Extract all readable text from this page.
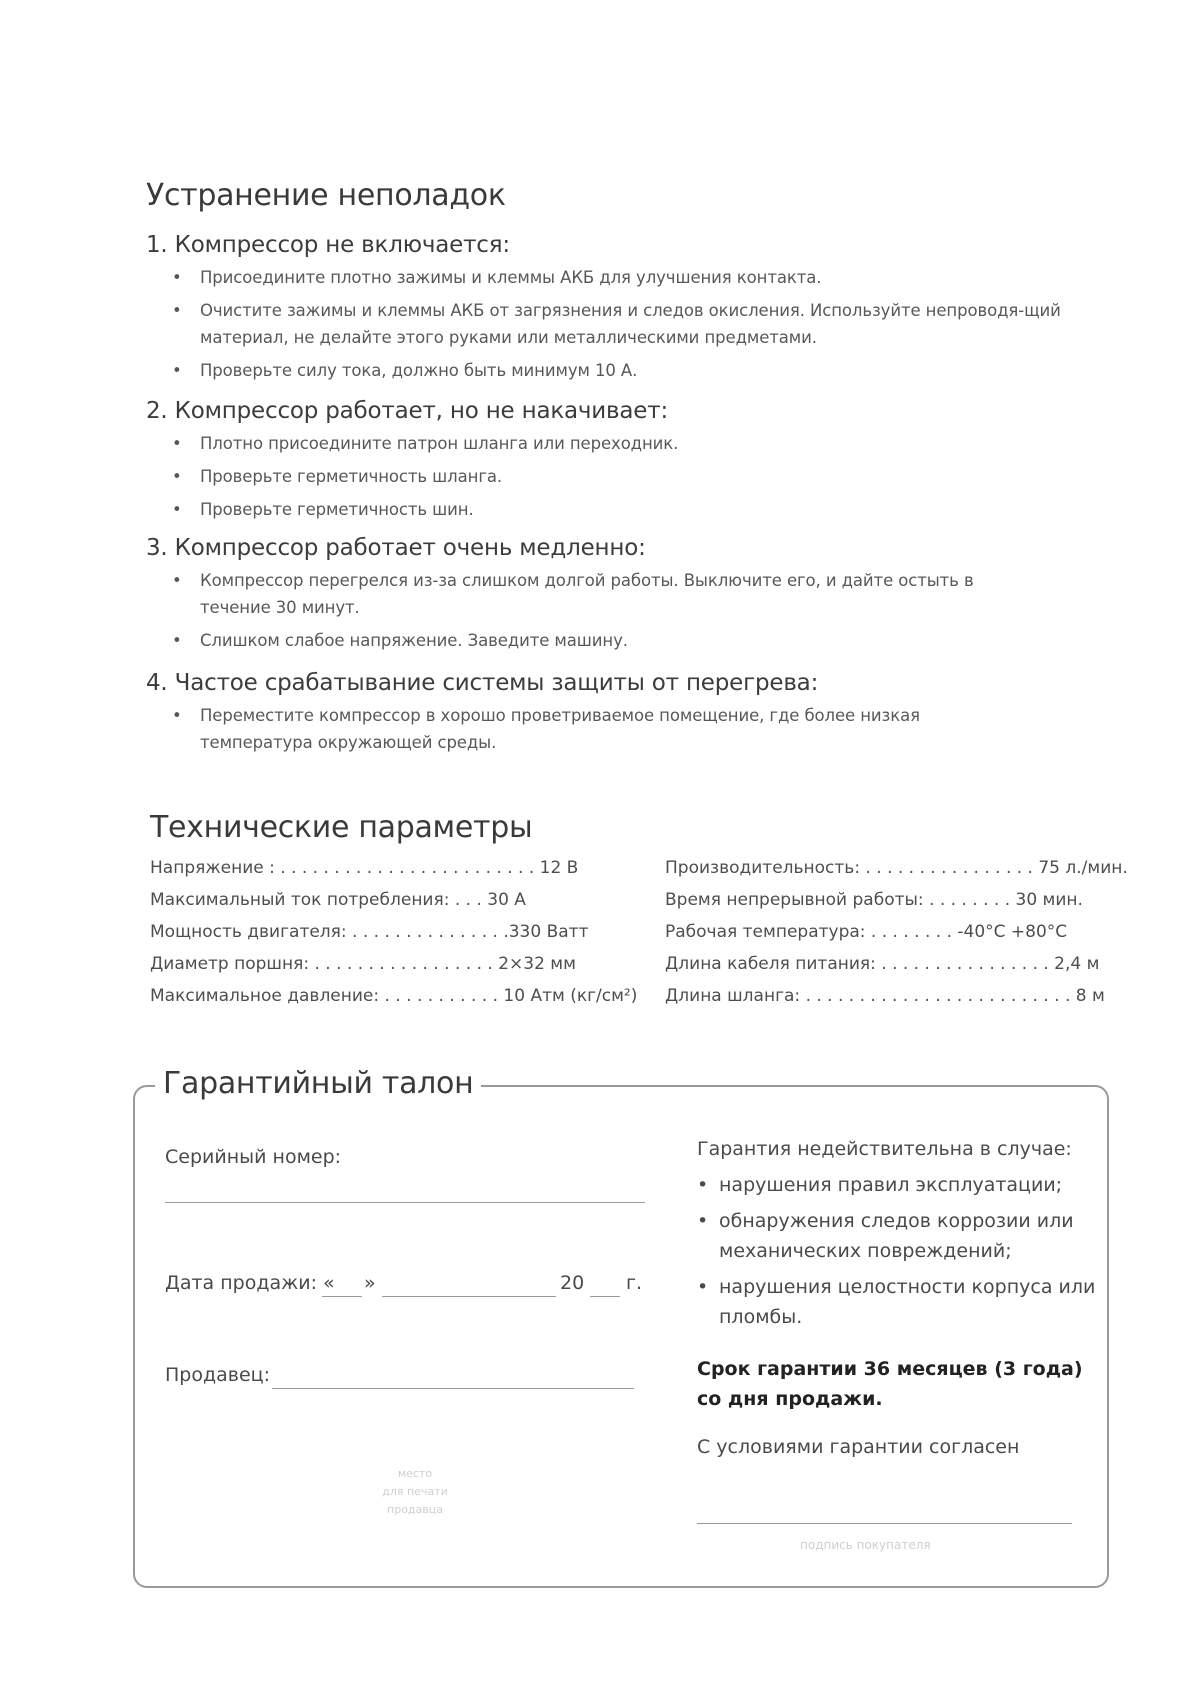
Устранение неполадок
1. Компрессор не включается:
• Присоедините плотно зажимы и клеммы АКБ для улучшения контакта.
• Очистите зажимы и клеммы АКБ от загрязнения и следов окисления. Используйте непроводя-щий материал, не делайте этого руками или металлическими предметами.
• Проверьте силу тока, должно быть минимум 10 А.
2. Компрессор работает, но не накачивает:
• Плотно присоедините патрон шланга или переходник.
• Проверьте герметичность шланга.
• Проверьте герметичность шин.
3. Компрессор работает очень медленно:
• Компрессор перегрелся из-за слишком долгой работы. Выключите его, и дайте остыть в течение 30 минут.
• Слишком слабое напряжение. Заведите машину.
4. Частое срабатывание системы защиты от перегрева:
• Переместите компрессор в хорошо проветриваемое помещение, где более низкая температура окружающей среды.
Технические параметры
Напряжение : . . . . . . . . . . . . . . . . . . . . . . . . 12 В
Максимальный ток потребления: . . . 30 А
Мощность двигателя: . . . . . . . . . . . . . . .330 Ватт
Диаметр поршня: . . . . . . . . . . . . . . . . . 2×32 мм
Максимальное давление: . . . . . . . . . . . 10 Атм (кг/см²)
Производительность: . . . . . . . . . . . . . . . . 75 л./мин.
Время непрерывной работы: . . . . . . . . 30 мин.
Рабочая температура: . . . . . . . . -40°C +80°C
Длина кабеля питания: . . . . . . . . . . . . . . . . 2,4 м
Длина шланга: . . . . . . . . . . . . . . . . . . . . . . . . . 8 м
Гарантийный талон
Серийный номер:
Дата продажи: « »	20 г.
Продавец:
место
для печати
продавца
Гарантия недействительна в случае:
• нарушения правил эксплуатации;
• обнаружения следов коррозии или механических повреждений;
• нарушения целостности корпуса или пломбы.
Срок гарантии 36 месяцев (3 года) со дня продажи.
С условиями гарантии согласен
подпись покупателя
